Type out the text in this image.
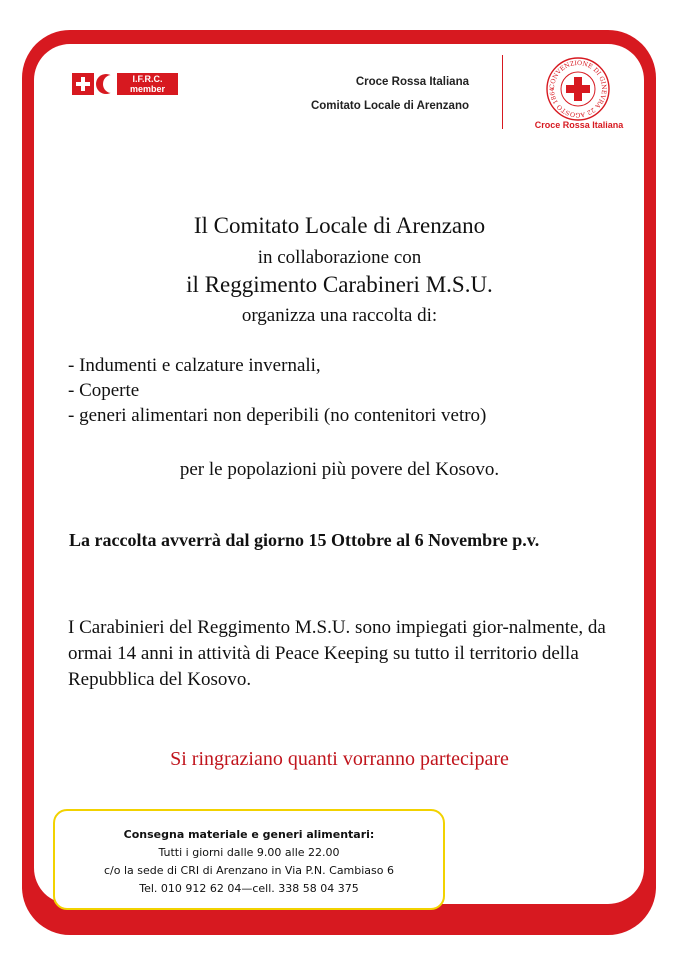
I.F.R.C.
member
Croce Rossa Italiana
Comitato Locale di Arenzano
CONVENZIONE DI GINEVRA 22 AGOSTO 1864
Croce Rossa Italiana
Il Comitato Locale di Arenzano
in collaborazione con
il Reggimento Carabineri M.S.U.
organizza una raccolta di:
- Indumenti e calzature invernali,
- Coperte
- generi alimentari non deperibili (no contenitori vetro)
per le popolazioni più povere del Kosovo.
La raccolta avverrà dal giorno 15 Ottobre al 6 Novembre p.v.
I Carabinieri del Reggimento M.S.U. sono impiegati gior-nalmente, da ormai 14 anni in attività di Peace Keeping su tutto il territorio della Repubblica del Kosovo.
Si ringraziano quanti vorranno partecipare
Consegna materiale e generi alimentari:
Tutti i giorni dalle 9.00 alle 22.00
c/o la sede di CRI di Arenzano in Via P.N. Cambiaso 6
Tel. 010 912 62 04—cell. 338 58 04 375
